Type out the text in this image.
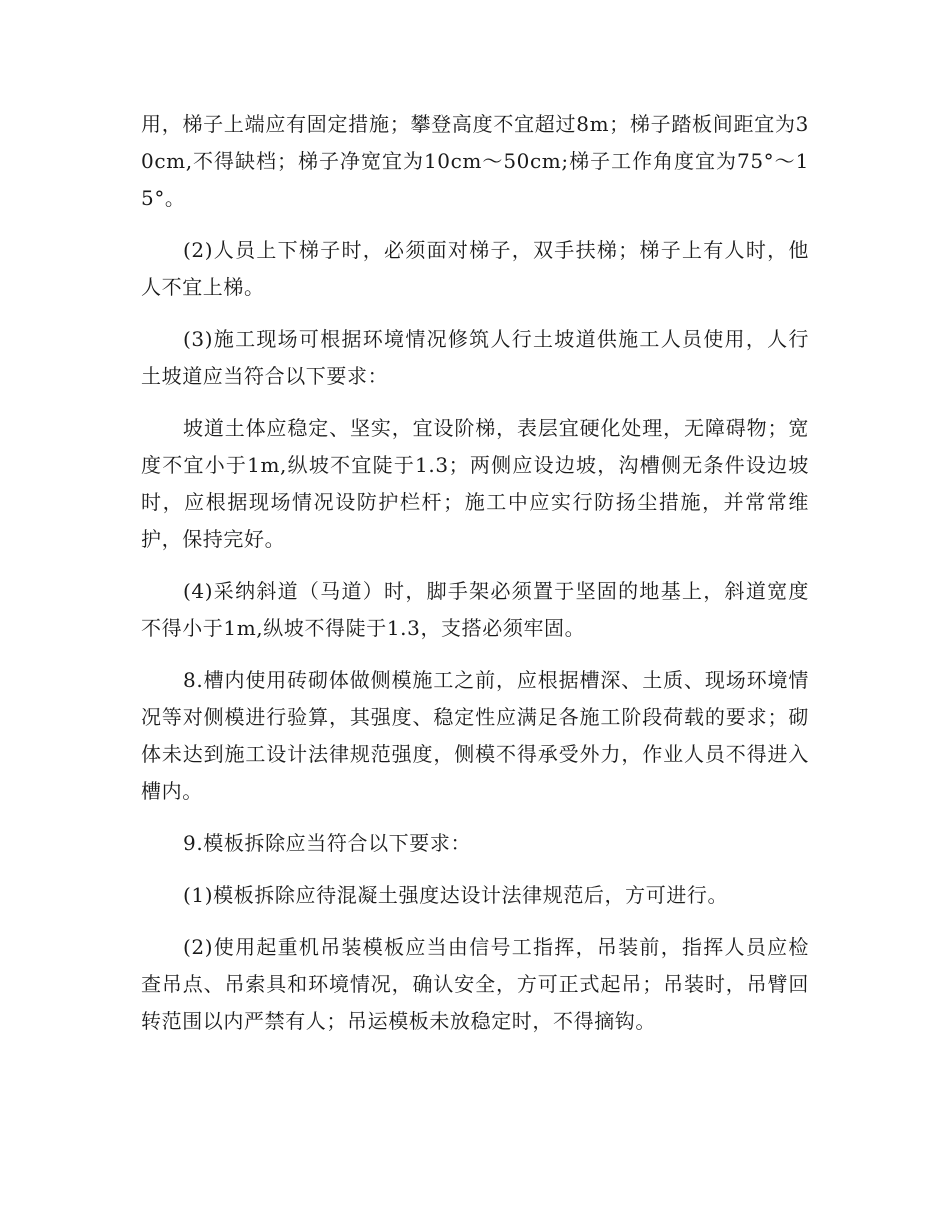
用，梯子上端应有固定措施；攀登高度不宜超过8m；梯子踏板间距宜为30cm,不得缺档；梯子净宽宜为10cm～50cm;梯子工作角度宜为75°～15°。

(2)人员上下梯子时，必须面对梯子，双手扶梯；梯子上有人时，他人不宜上梯。

(3)施工现场可根据环境情况修筑人行土坡道供施工人员使用，人行土坡道应当符合以下要求：

坡道土体应稳定、坚实，宜设阶梯，表层宜硬化处理，无障碍物；宽度不宜小于1m,纵坡不宜陡于1.3；两侧应设边坡，沟槽侧无条件设边坡时，应根据现场情况设防护栏杆；施工中应实行防扬尘措施，并常常维护，保持完好。

(4)采纳斜道（马道）时，脚手架必须置于坚固的地基上，斜道宽度不得小于1m,纵坡不得陡于1.3，支搭必须牢固。

8.槽内使用砖砌体做侧模施工之前，应根据槽深、土质、现场环境情况等对侧模进行验算，其强度、稳定性应满足各施工阶段荷载的要求；砌体未达到施工设计法律规范强度，侧模不得承受外力，作业人员不得进入槽内。

9.模板拆除应当符合以下要求：

(1)模板拆除应待混凝土强度达设计法律规范后，方可进行。

(2)使用起重机吊装模板应当由信号工指挥，吊装前，指挥人员应检查吊点、吊索具和环境情况，确认安全，方可正式起吊；吊装时，吊臂回转范围以内严禁有人；吊运模板未放稳定时，不得摘钩。
